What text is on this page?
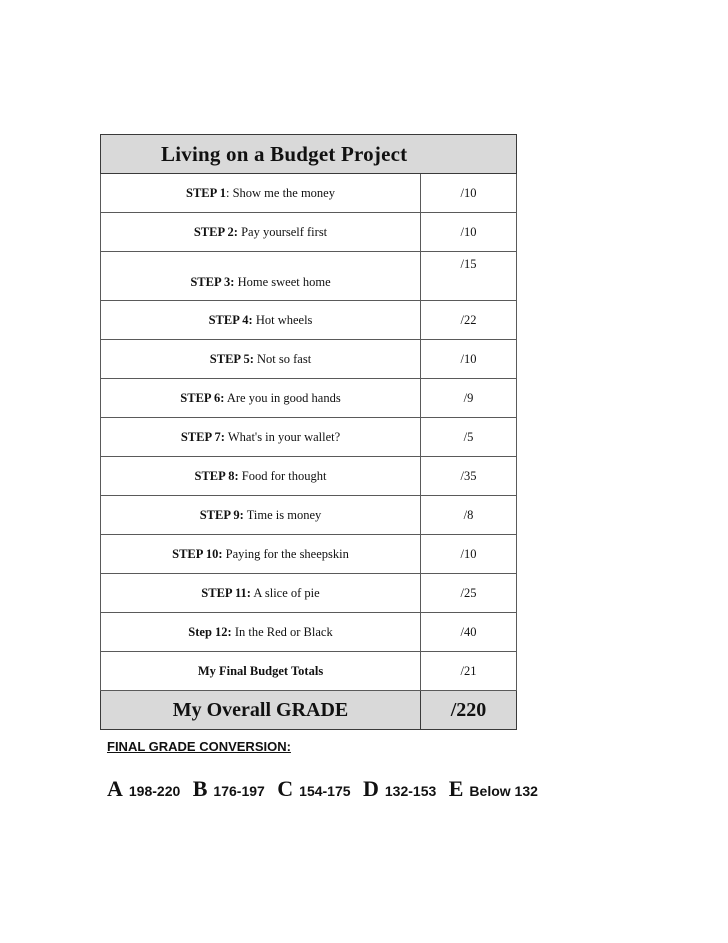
Living on a Budget Project	
STEP 1: Show me the money	/10
STEP 2: Pay yourself first	/10
STEP 3: Home sweet home	/15
STEP 4: Hot wheels	/22
STEP 5: Not so fast	/10
STEP 6: Are you in good hands	/9
STEP 7: What's in your wallet?	/5
STEP 8: Food for thought	/35
STEP 9: Time is money	/8
STEP 10: Paying for the sheepskin	/10
STEP 11: A slice of pie	/25
Step 12: In the Red or Black	/40
My Final Budget Totals	/21
My Overall GRADE	/220

FINAL GRADE CONVERSION:

A 198-220 B 176-197 C 154-175 D 132-153 E Below 132
